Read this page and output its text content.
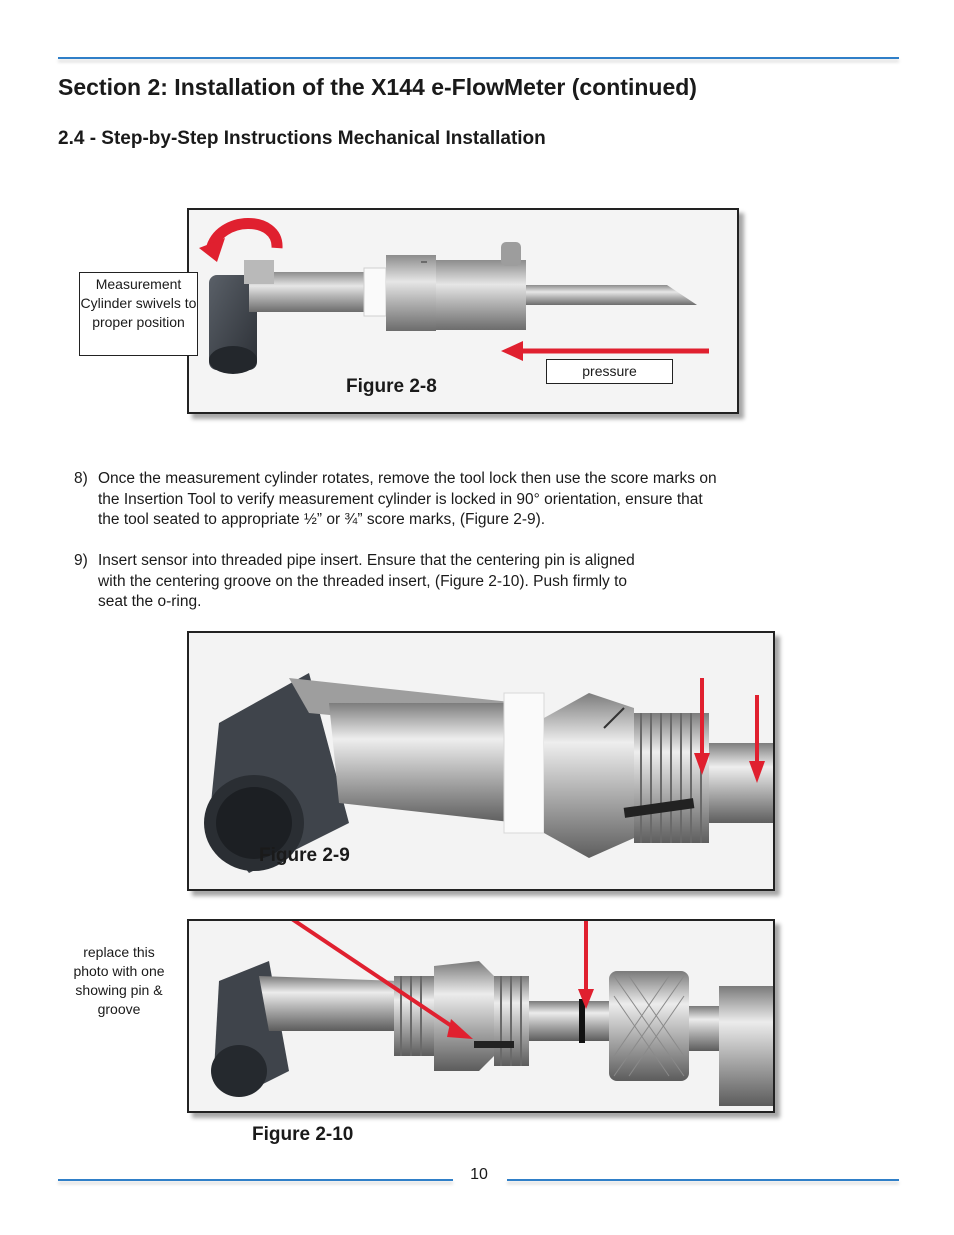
Section 2: Installation of the X144 e-FlowMeter (continued)
2.4 - Step-by-Step Instructions Mechanical Installation
Measurement Cylinder swivels to proper position
pressure
Figure 2-8
8) Once the measurement cylinder rotates, remove the tool lock then use the score marks on
the Insertion Tool to verify measurement cylinder is locked in 90° orientation, ensure that
the tool seated to appropriate ½” or ¾” score marks, (Figure 2-9).
9) Insert sensor into threaded pipe insert. Ensure that the centering pin is aligned
with the centering groove on the threaded insert, (Figure 2-10). Push firmly to
seat the o-ring.
Figure 2-9
replace this photo with one showing pin & groove
Figure 2-10
10
